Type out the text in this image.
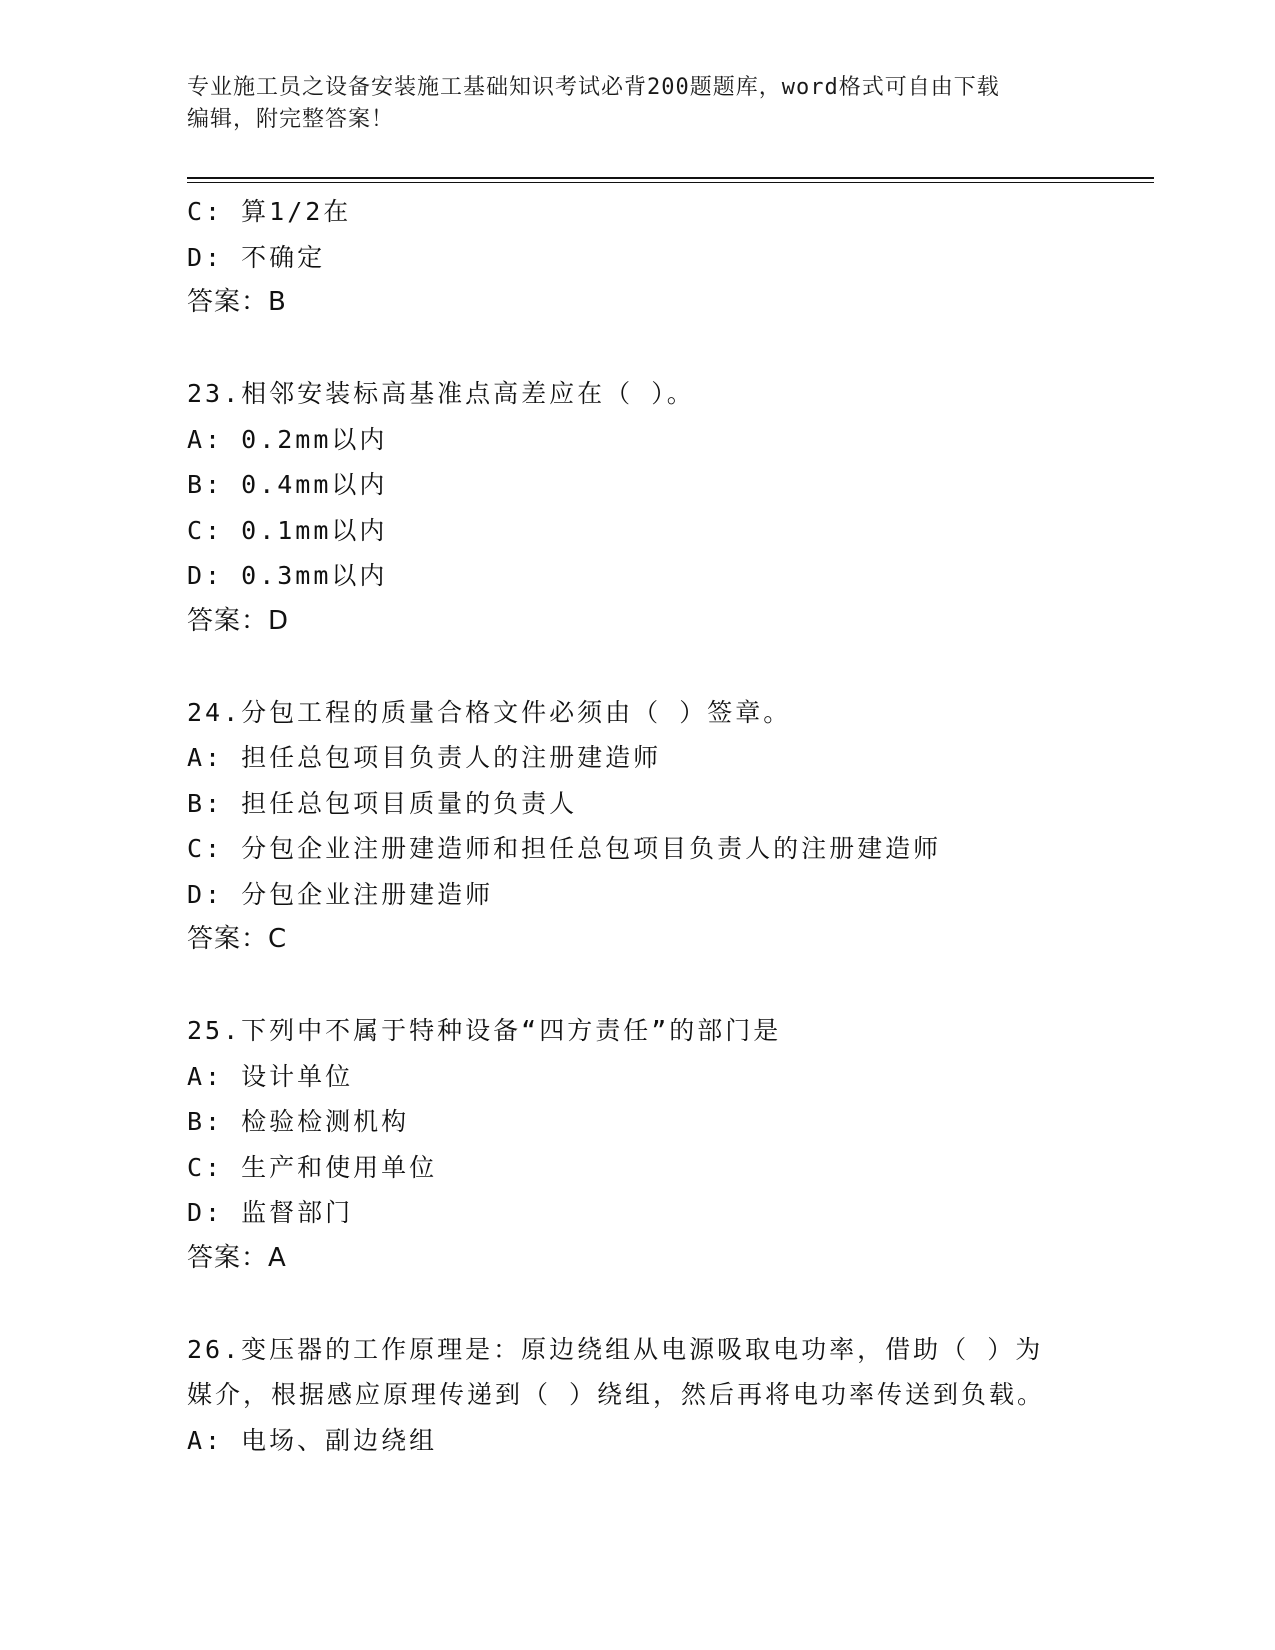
专业施工员之设备安装施工基础知识考试必背200题题库，word格式可自由下载
编辑，附完整答案！
C: 算1/2在
D: 不确定
答案：B
23.相邻安装标高基准点高差应在（ ）。
A: 0.2mm以内
B: 0.4mm以内
C: 0.1mm以内
D: 0.3mm以内
答案：D
24.分包工程的质量合格文件必须由（ ）签章。
A: 担任总包项目负责人的注册建造师
B: 担任总包项目质量的负责人
C: 分包企业注册建造师和担任总包项目负责人的注册建造师
D: 分包企业注册建造师
答案：C
25.下列中不属于特种设备“四方责任”的部门是
A: 设计单位
B: 检验检测机构
C: 生产和使用单位
D: 监督部门
答案：A
26.变压器的工作原理是：原边绕组从电源吸取电功率，借助（ ）为
媒介，根据感应原理传递到（ ）绕组，然后再将电功率传送到负载。
A: 电场、副边绕组
